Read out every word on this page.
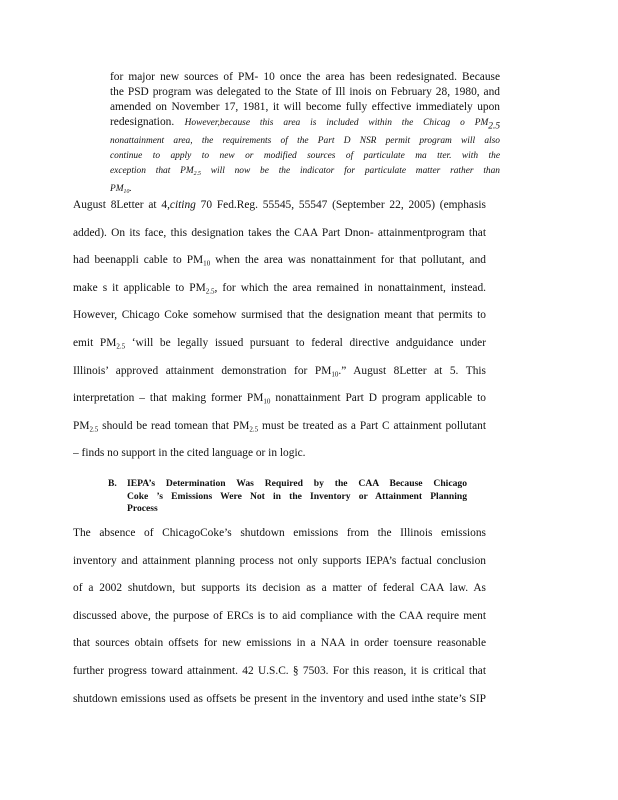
for major new sources of PM- 10 once the area has been redesignated. Because
the PSD program was delegated to the State of Ill inois on February 28, 1980, and
amended on November 17, 1981, it will become fully effective immediately upon
redesignation. However,because this area is included within the Chicag o $PM_{2.5}$
nonattainment area, the requirements of the Part D NSR permit program will also
continue to apply to new or modified sources of particulate ma tter. with the
exception that $PM_{2.5}$ will now be the indicator for particulate matter rather than
$PM_{10}$.
August 8Letter at 4,citing 70 Fed.Reg. 55545, 55547 (September 22, 2005) (emphasis
added). On its face, this designation takes the CAA Part Dnon- attainmentprogram that
had beenappli cable to $PM_{10}$ when the area was nonattainment for that pollutant, and
make s it applicable to $PM_{2.5}$, for which the area remained in nonattainment, instead.
However, Chicago Coke somehow surmised that the designation meant that permits to
emit $PM_{2.5}$ ‘will be legally issued pursuant to federal directive andguidance under
Illinois’ approved attainment demonstration for $PM_{10}$.” August 8Letter at 5. This
interpretation – that making former $PM_{10}$ nonattainment Part D program applicable to
$PM_{2.5}$ should be read tomean that $PM_{2.5}$ must be treated as a Part C attainment pollutant
– finds no support in the cited language or in logic.
B. IEPA’s Determination Was Required by the CAA Because Chicago
Coke ’s Emissions Were Not in the Inventory or Attainment Planning
Process
The absence of ChicagoCoke’s shutdown emissions from the Illinois emissions
inventory and attainment planning process not only supports IEPA’s factual conclusion
of a 2002 shutdown, but supports its decision as a matter of federal CAA law. As
discussed above, the purpose of ERCs is to aid compliance with the CAA require ment
that sources obtain offsets for new emissions in a NAA in order toensure reasonable
further progress toward attainment. 42 U.S.C. § 7503. For this reason, it is critical that
shutdown emissions used as offsets be present in the inventory and used inthe state’s SIP
